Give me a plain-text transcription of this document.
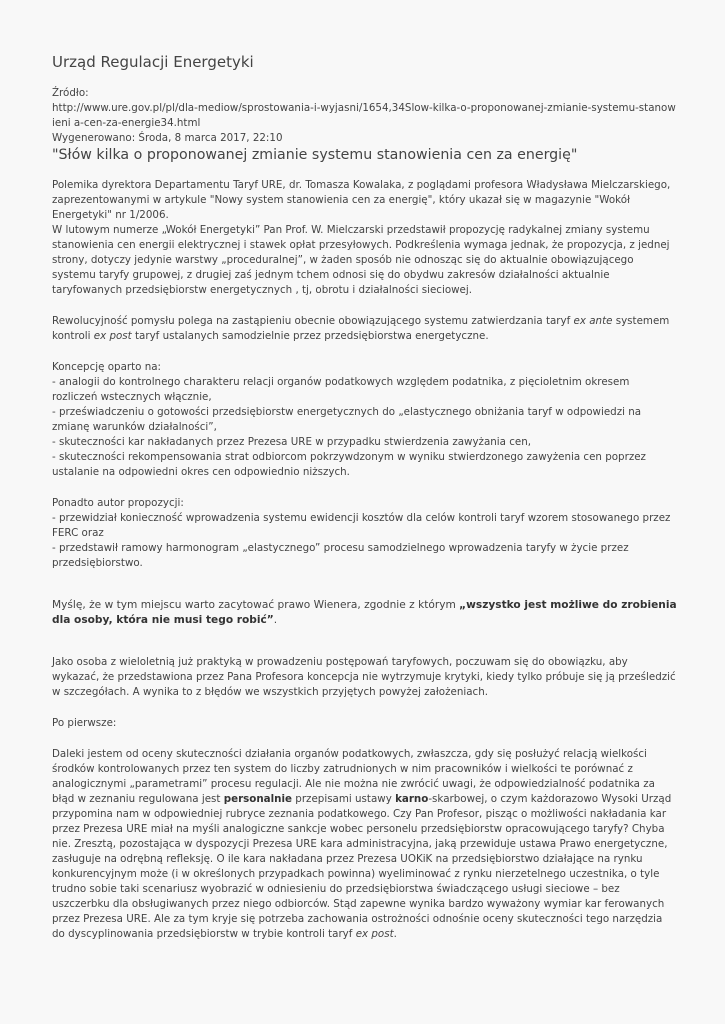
Urząd Regulacji Energetyki
Źródło:
http://www.ure.gov.pl/pl/dla-mediow/sprostowania-i-wyjasni/1654,34Slow-kilka-o-proponowanej-zmianie-systemu-stanowieni a-cen-za-energie34.html
Wygenerowano: Środa, 8 marca 2017, 22:10
"Słów kilka o proponowanej zmianie systemu stanowienia cen za energię"

Polemika dyrektora Departamentu Taryf URE, dr. Tomasza Kowalaka, z poglądami profesora Władysława Mielczarskiego, zaprezentowanymi w artykule "Nowy system stanowienia cen za energię", który ukazał się w magazynie "Wokół Energetyki" nr 1/2006.

W lutowym numerze „Wokół Energetyki” Pan Prof. W. Mielczarski przedstawił propozycję radykalnej zmiany systemu stanowienia cen energii elektrycznej i stawek opłat przesyłowych. Podkreślenia wymaga jednak, że propozycja, z jednej strony, dotyczy jedynie warstwy „proceduralnej”, w żaden sposób nie odnosząc się do aktualnie obowiązującego systemu taryfy grupowej, z drugiej zaś jednym tchem odnosi się do obydwu zakresów działalności aktualnie taryfowanych przedsiębiorstw energetycznych , tj, obrotu i działalności sieciowej.

Rewolucyjność pomysłu polega na zastąpieniu obecnie obowiązującego systemu zatwierdzania taryf ex ante systemem kontroli ex post taryf ustalanych samodzielnie przez przedsiębiorstwa energetyczne.

Koncepcję oparto na:

- analogii do kontrolnego charakteru relacji organów podatkowych względem podatnika, z pięcioletnim okresem rozliczeń wstecznych włącznie,

- przeświadczeniu o gotowości przedsiębiorstw energetycznych do „elastycznego obniżania taryf w odpowiedzi na zmianę warunków działalności”,

- skuteczności kar nakładanych przez Prezesa URE w przypadku stwierdzenia zawyżania cen,

- skuteczności rekompensowania strat odbiorcom pokrzywdzonym w wyniku stwierdzonego zawyżenia cen poprzez ustalanie na odpowiedni okres cen odpowiednio niższych.

Ponadto autor propozycji:

- przewidział konieczność wprowadzenia systemu ewidencji kosztów dla celów kontroli taryf wzorem stosowanego przez FERC oraz

- przedstawił ramowy harmonogram „elastycznego” procesu samodzielnego wprowadzenia taryfy w życie przez przedsiębiorstwo.

Myślę, że w tym miejscu warto zacytować prawo Wienera, zgodnie z którym „wszystko jest możliwe do zrobienia dla osoby, która nie musi tego robić”.

Jako osoba z wieloletnią już praktyką w prowadzeniu postępowań taryfowych, poczuwam się do obowiązku, aby wykazać, że przedstawiona przez Pana Profesora koncepcja nie wytrzymuje krytyki, kiedy tylko próbuje się ją prześledzić w szczegółach. A wynika to z błędów we wszystkich przyjętych powyżej założeniach.

Po pierwsze:

Daleki jestem od oceny skuteczności działania organów podatkowych, zwłaszcza, gdy się posłużyć relacją wielkości środków kontrolowanych przez ten system do liczby zatrudnionych w nim pracowników i wielkości te porównać z analogicznymi „parametrami” procesu regulacji. Ale nie można nie zwrócić uwagi, że odpowiedzialność podatnika za błąd w zeznaniu regulowana jest personalnie przepisami ustawy karno-skarbowej, o czym każdorazowo Wysoki Urząd przypomina nam w odpowiedniej rubryce zeznania podatkowego. Czy Pan Profesor, pisząc o możliwości nakładania kar przez Prezesa URE miał na myśli analogiczne sankcje wobec personelu przedsiębiorstw opracowującego taryfy? Chyba nie. Zresztą, pozostająca w dyspozycji Prezesa URE kara administracyjna, jaką przewiduje ustawa Prawo energetyczne, zasługuje na odrębną refleksję. O ile kara nakładana przez Prezesa UOKiK na przedsiębiorstwo działające na rynku konkurencyjnym może (i w określonych przypadkach powinna) wyeliminować z rynku nierzetelnego uczestnika, o tyle trudno sobie taki scenariusz wyobrazić w odniesieniu do przedsiębiorstwa świadczącego usługi sieciowe – bez uszczerbku dla obsługiwanych przez niego odbiorców. Stąd zapewne wynika bardzo wyważony wymiar kar ferowanych przez Prezesa URE. Ale za tym kryje się potrzeba zachowania ostrożności odnośnie oceny skuteczności tego narzędzia do dyscyplinowania przedsiębiorstw w trybie kontroli taryf ex post.
